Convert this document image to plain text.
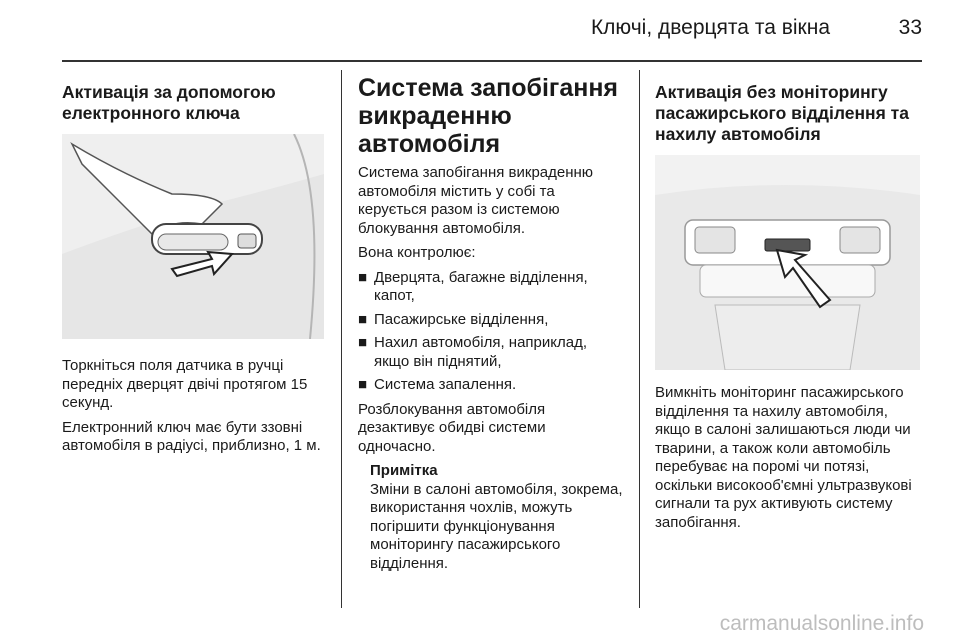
Ключі, дверцята та вікна	33
Активація за допомогою електронного ключа

Торкніться поля датчика в ручці передніх дверцят двічі протягом 15 секунд.

Електронний ключ має бути ззовні автомобіля в радіусі, приблизно, 1 м.

Система запобігання викраденню автомобіля

Система запобігання викраденню автомобіля містить у собі та керується разом із системою блокування автомобіля.

Вона контролює:

■ Дверцята, багажне відділення, капот,
■ Пасажирське відділення,
■ Нахил автомобіля, наприклад, якщо він піднятий,
■ Система запалення.

Розблокування автомобіля дезактивує обидві системи одночасно.

Примітка

Зміни в салоні автомобіля, зокрема, використання чохлів, можуть погіршити функціонування моніторингу пасажирського відділення.

Активація без моніторингу пасажирського відділення та нахилу автомобіля

Вимкніть моніторинг пасажирського відділення та нахилу автомобіля, якщо в салоні залишаються люди чи тварини, а також коли автомобіль перебуває на поромі чи потязі, оскільки високооб'ємні ультразвукові сигнали та рух активують систему запобігання.

carmanualsonline.info
